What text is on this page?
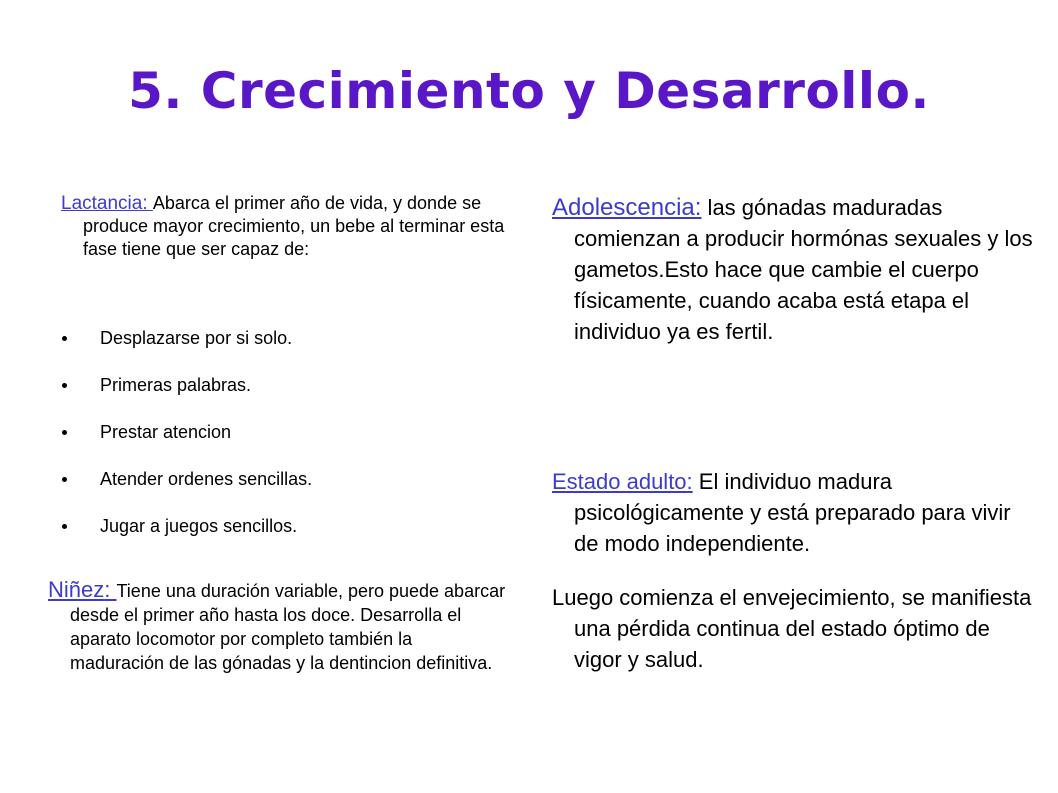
5. Crecimiento y Desarrollo.
Lactancia: Abarca el primer año de vida, y donde se produce mayor crecimiento, un bebe al terminar esta fase tiene que ser capaz de:
Desplazarse por si solo.
Primeras palabras.
Prestar atencion
Atender ordenes sencillas.
Jugar a juegos sencillos.
Niñez: Tiene una duración variable, pero puede abarcar desde el primer año hasta los doce. Desarrolla el aparato locomotor por completo también la maduración de las gónadas y la dentincion definitiva.
Adolescencia: las gónadas maduradas comienzan a producir hormónas sexuales y los gametos.Esto hace que cambie el cuerpo físicamente, cuando acaba está etapa el individuo ya es fertil.
Estado adulto: El individuo madura psicológicamente y está preparado para vivir de modo independiente.
Luego comienza el envejecimiento, se manifiesta una pérdida continua del estado óptimo de vigor y salud.
